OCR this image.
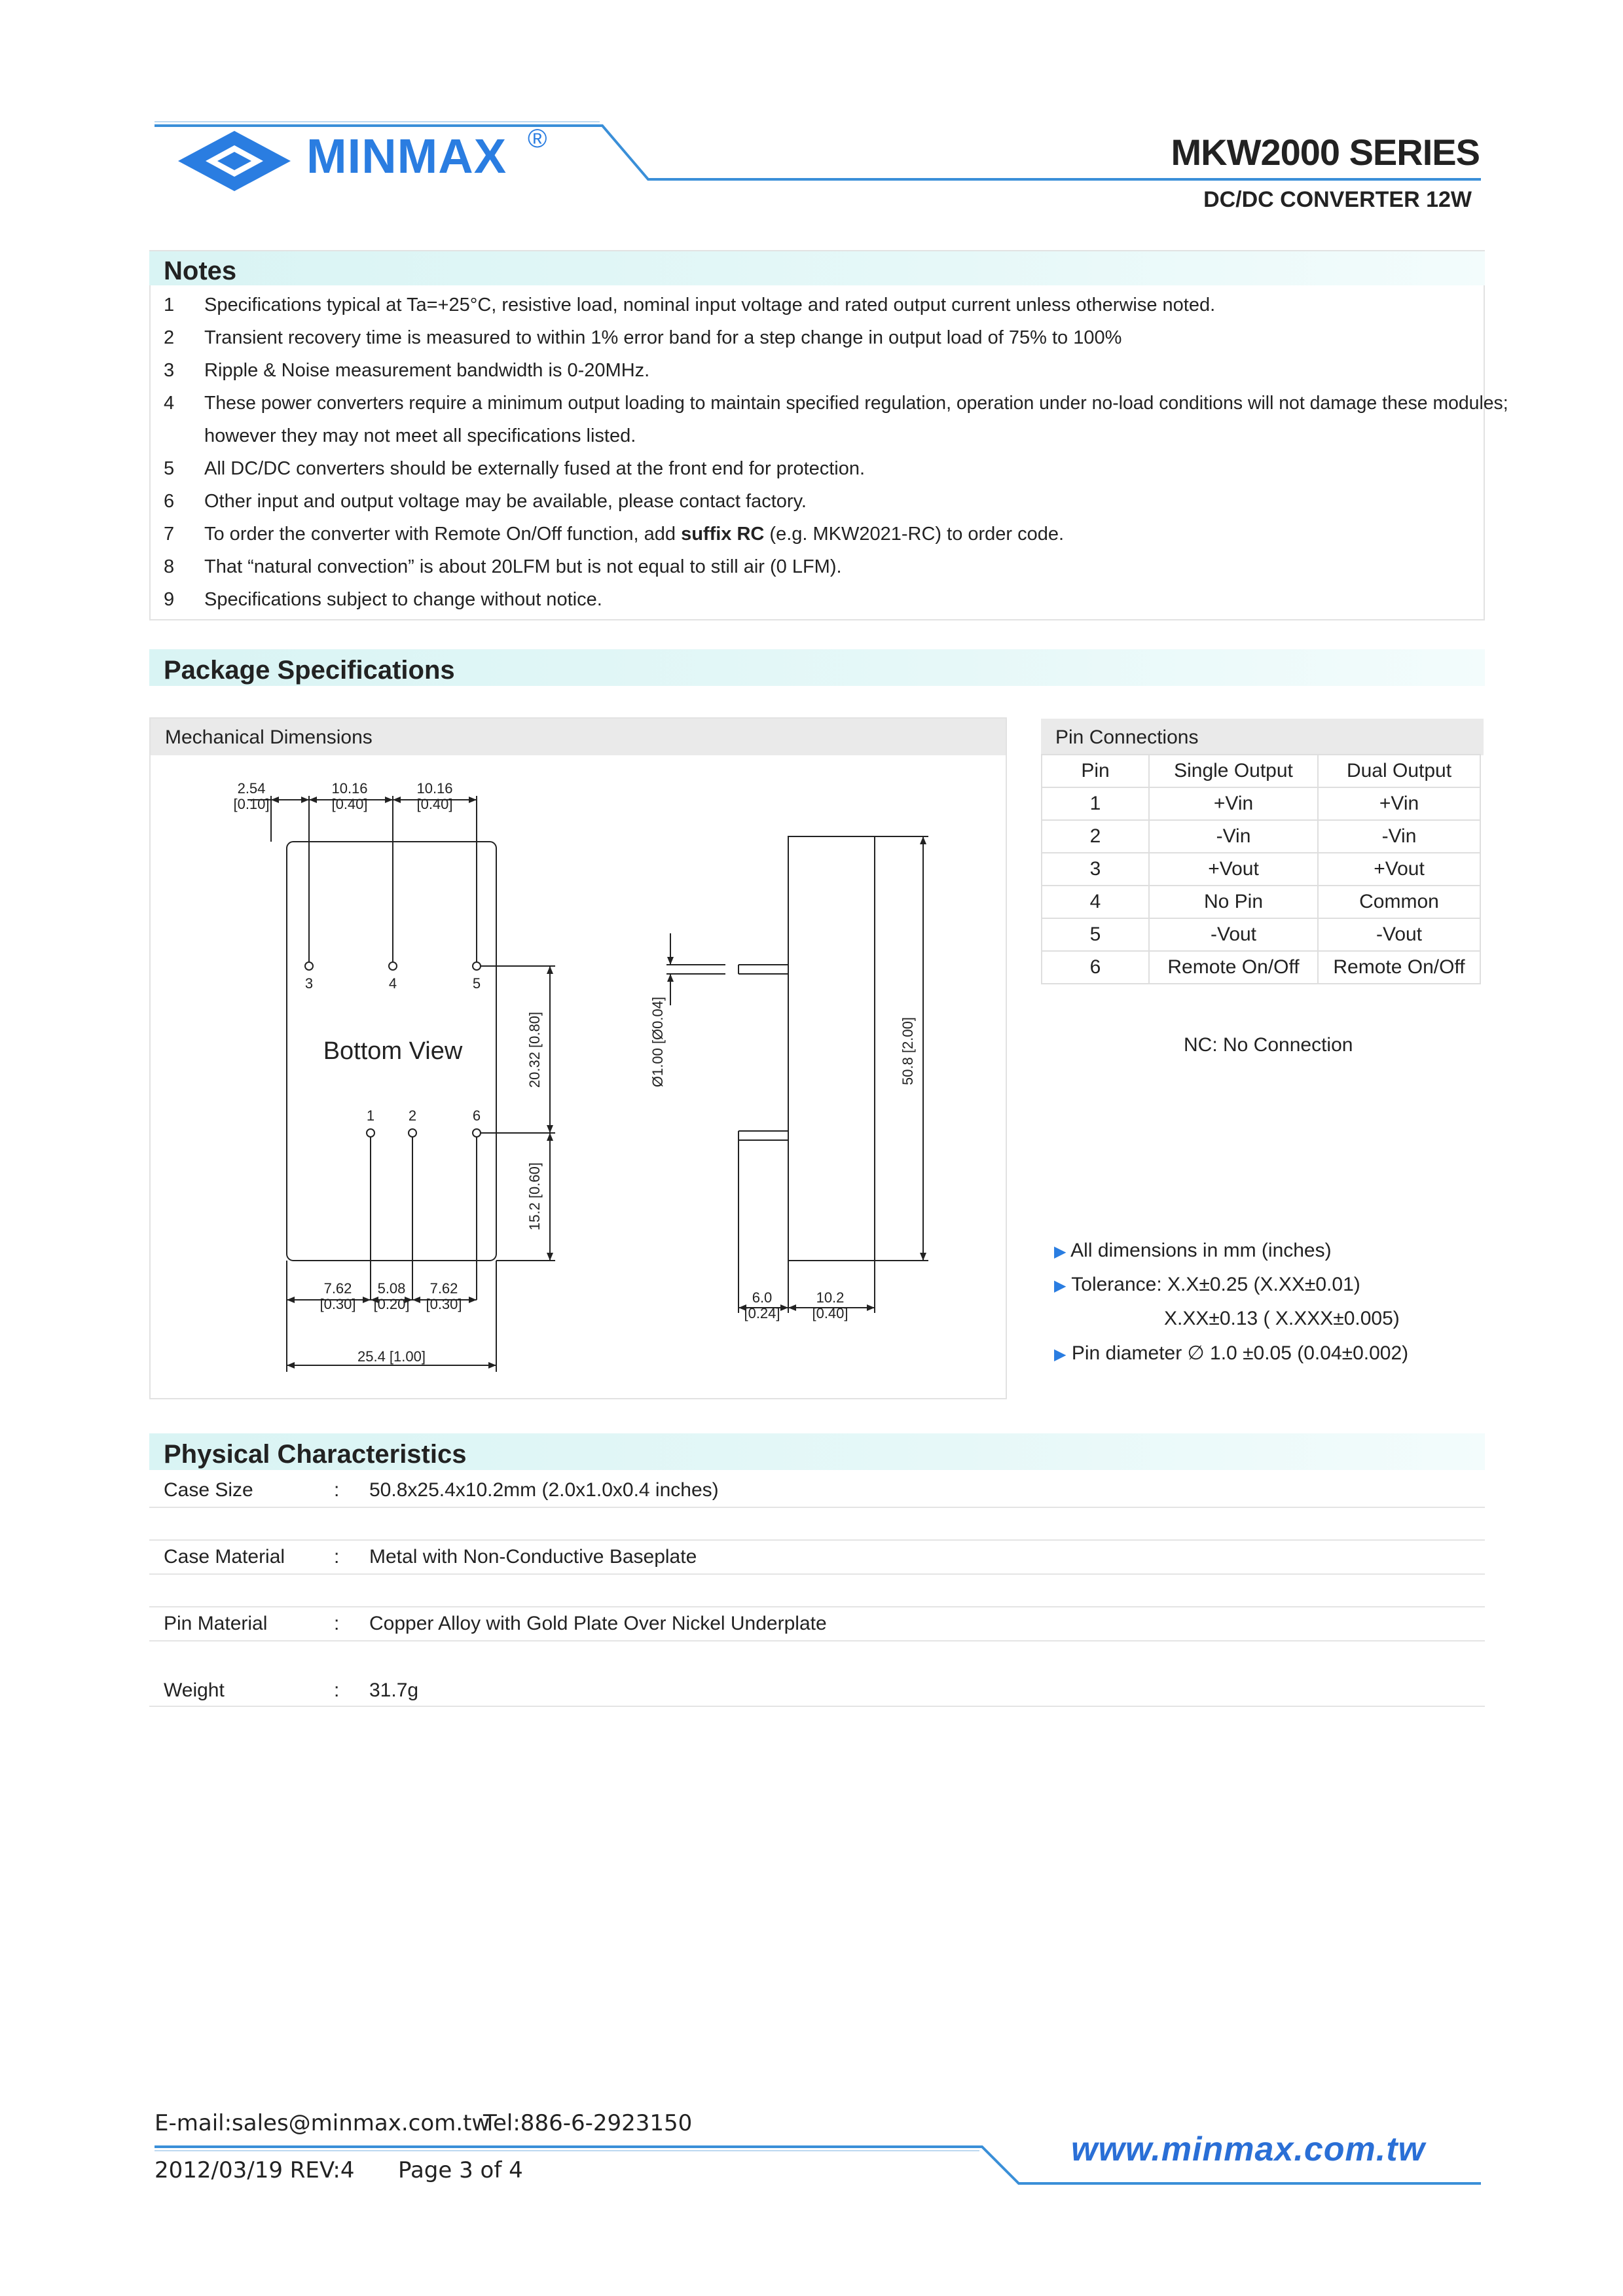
MINMAX ®	MKW2000 SERIES
DC/DC CONVERTER 12W
Notes
1 Specifications typical at Ta=+25°C, resistive load, nominal input voltage and rated output current unless otherwise noted.
2 Transient recovery time is measured to within 1% error band for a step change in output load of 75% to 100%
3 Ripple & Noise measurement bandwidth is 0-20MHz.
4 These power converters require a minimum output loading to maintain specified regulation, operation under no-load conditions will not damage these modules;
however they may not meet all specifications listed.
5 All DC/DC converters should be externally fused at the front end for protection.
6 Other input and output voltage may be available, please contact factory.
7 To order the converter with Remote On/Off function, add suffix RC (e.g. MKW2021-RC) to order code.
8 That “natural convection” is about 20LFM but is not equal to still air (0 LFM).
9 Specifications subject to change without notice.
Package Specifications
Mechanical Dimensions
2.54
[0.10]
10.16
[0.40]
10.16
[0.40]
3	4	5
1 2	6
7.62
[0.30]
5.08
[0.20]
7.62
[0.30]
25.4 [1.00]
6.0
[0.24]
10.2
[0.40]
Bottom View	20.32 [0.80]
15.2 [0.60]
Ø1.00 [Ø0.04]	50.8 [2.00]
Pin Connections
Pin	Single Output	Dual Output
1	+Vin	+Vin
2	-Vin	-Vin
3	+Vout	+Vout
4	No Pin	Common
5	-Vout	-Vout
6	Remote On/Off	Remote On/Off
NC: No Connection
▶ All dimensions in mm (inches)
▶ Tolerance: X.X±0.25 (X.XX±0.01)
X.XX±0.13 ( X.XXX±0.005)
▶ Pin diameter ∅ 1.0 ±0.05 (0.04±0.002)
Physical Characteristics
Case Size	: 50.8x25.4x10.2mm (2.0x1.0x0.4 inches)
Case Material : Metal with Non-Conductive Baseplate
Pin Material	: Copper Alloy with Gold Plate Over Nickel Underplate
Weight	: 31.7g
E-mail:sales@minmax.com.tw
Tel:886-6-2923150
2012/03/19 REV:4 Page 3 of 4
www.minmax.com.tw
